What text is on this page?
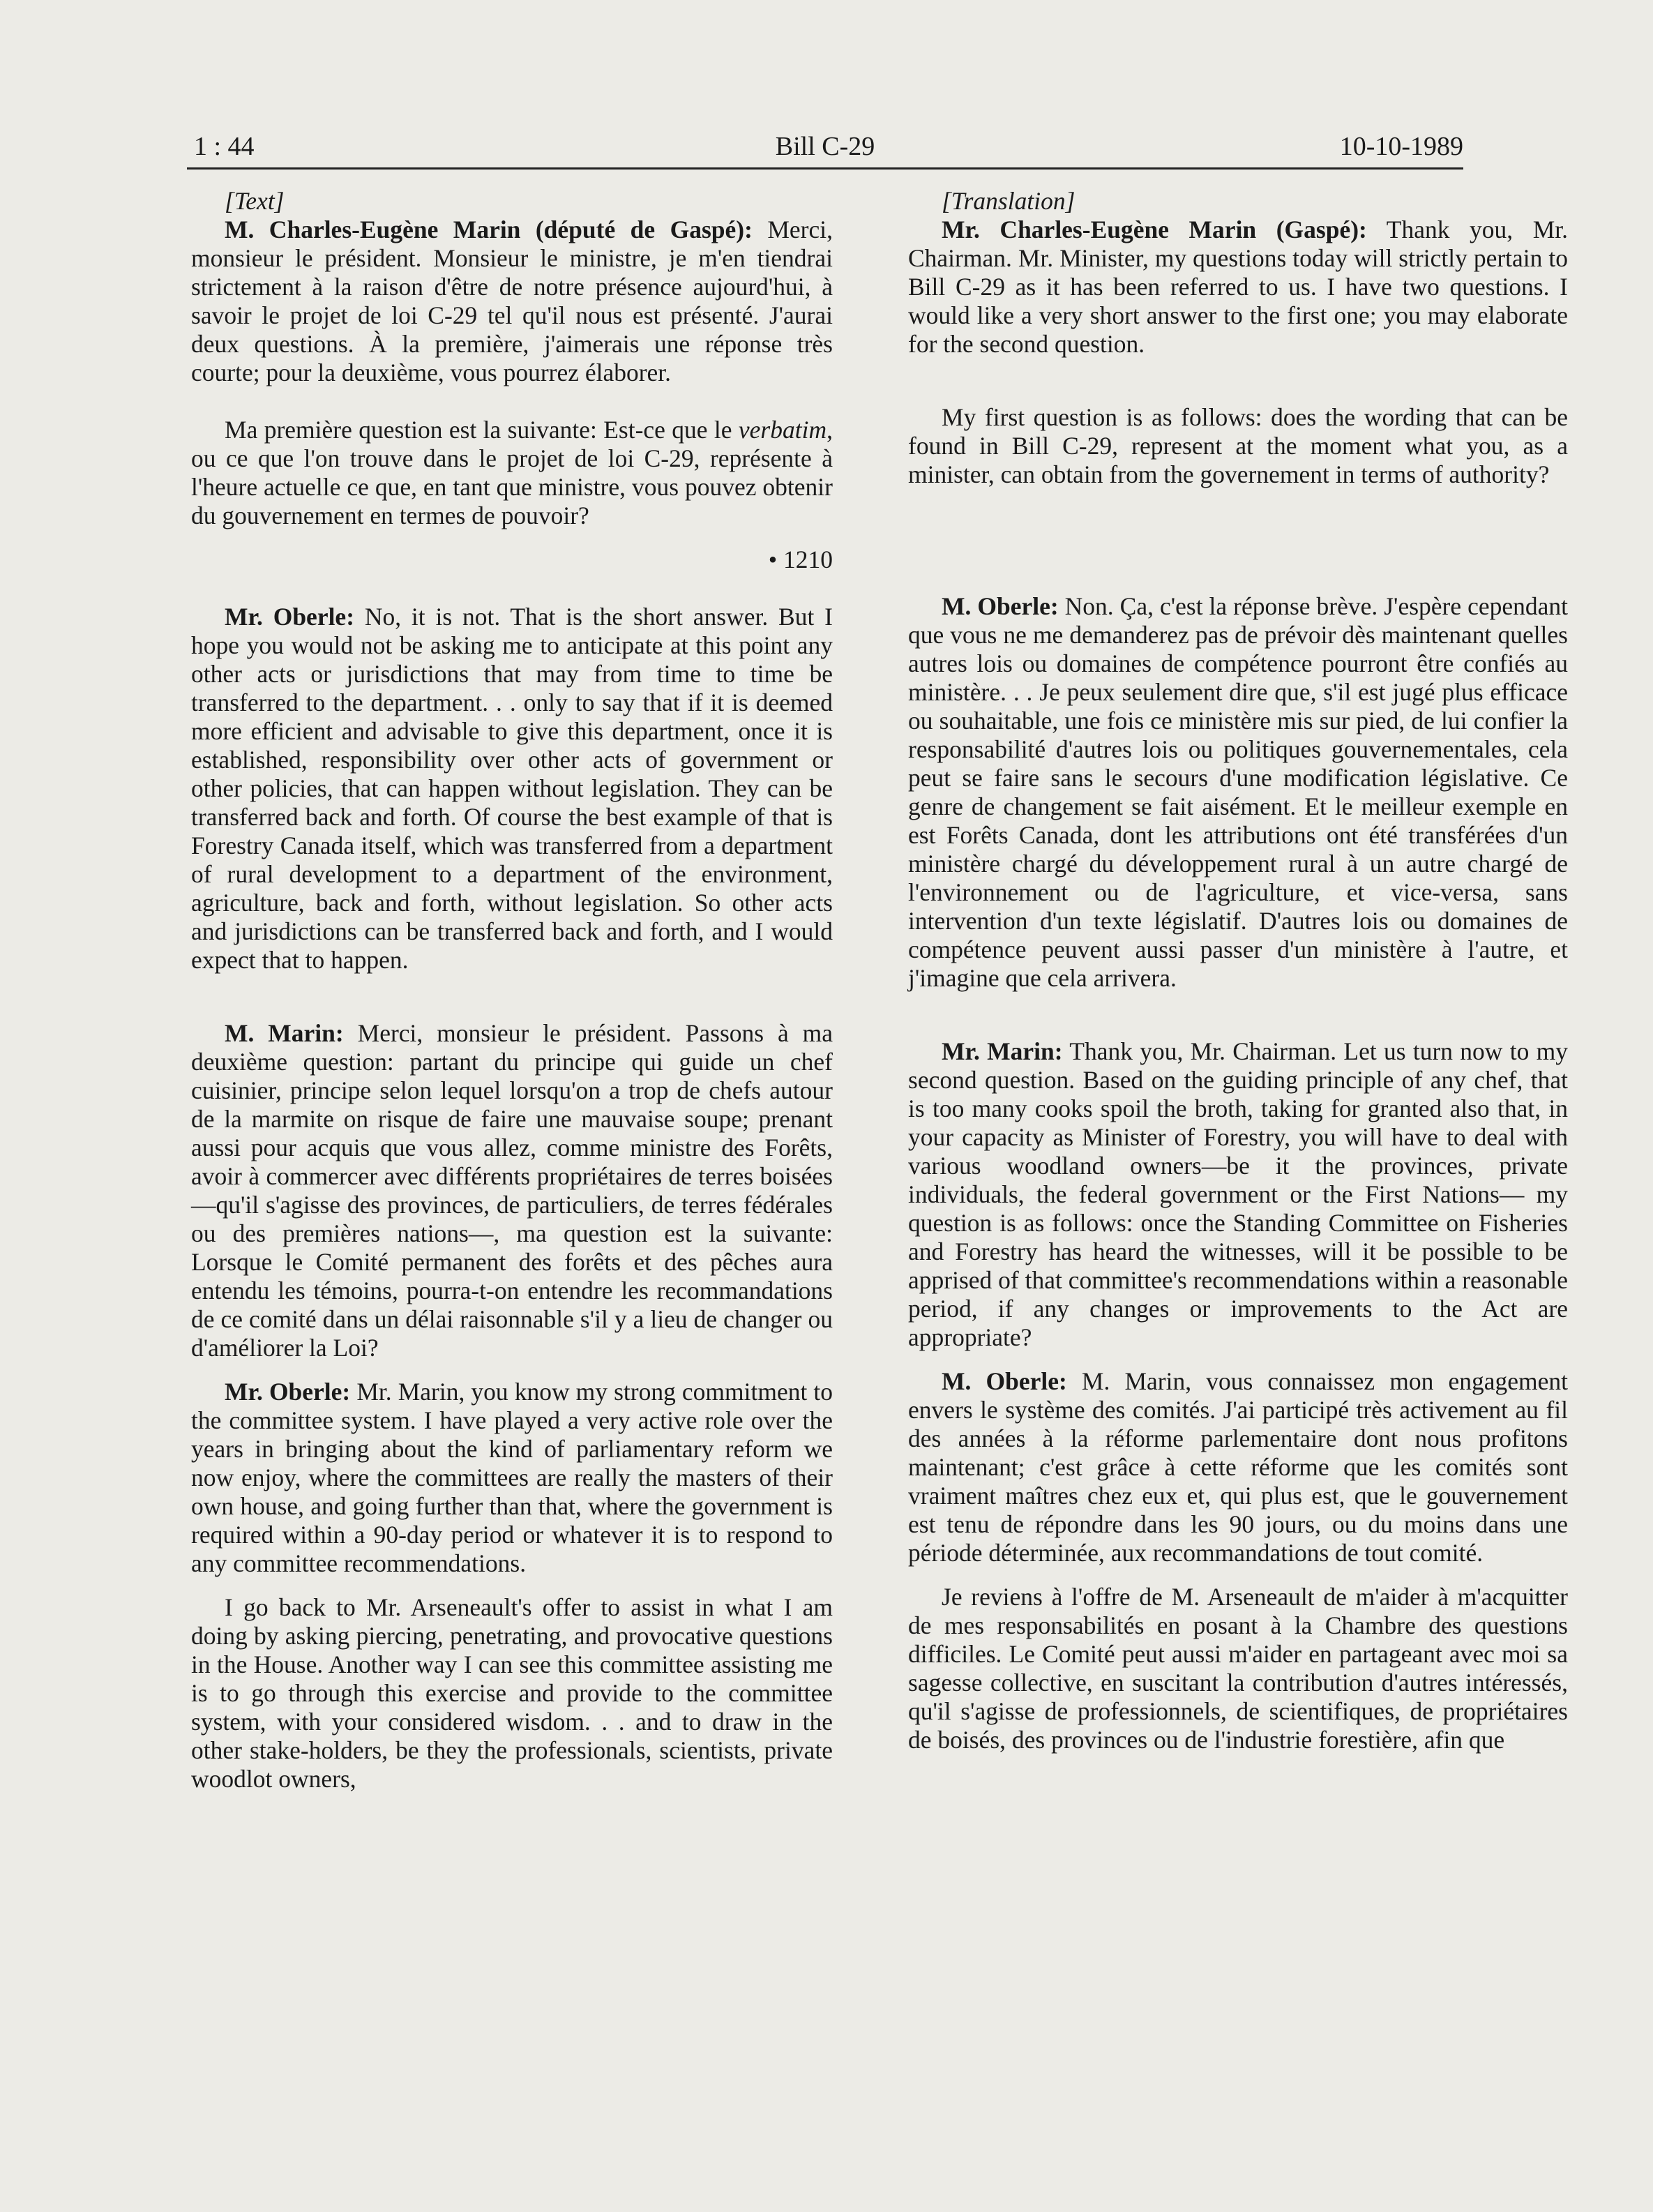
1 : 44	Bill C-29	10-10-1989

[Text]

M. Charles-Eugène Marin (député de Gaspé): Merci, monsieur le président. Monsieur le ministre, je m'en tiendrai strictement à la raison d'être de notre présence aujourd'hui, à savoir le projet de loi C-29 tel qu'il nous est présenté. J'aurai deux questions. À la première, j'aimerais une réponse très courte; pour la deuxième, vous pourrez élaborer.

Ma première question est la suivante: Est-ce que le verbatim, ou ce que l'on trouve dans le projet de loi C-29, représente à l'heure actuelle ce que, en tant que ministre, vous pouvez obtenir du gouvernement en termes de pouvoir?

• 1210

Mr. Oberle: No, it is not. That is the short answer. But I hope you would not be asking me to anticipate at this point any other acts or jurisdictions that may from time to time be transferred to the department. . . only to say that if it is deemed more efficient and advisable to give this department, once it is established, responsibility over other acts of government or other policies, that can happen without legislation. They can be transferred back and forth. Of course the best example of that is Forestry Canada itself, which was transferred from a department of rural development to a department of the environment, agriculture, back and forth, without legislation. So other acts and jurisdictions can be transferred back and forth, and I would expect that to happen.

M. Marin: Merci, monsieur le président. Passons à ma deuxième question: partant du principe qui guide un chef cuisinier, principe selon lequel lorsqu'on a trop de chefs autour de la marmite on risque de faire une mauvaise soupe; prenant aussi pour acquis que vous allez, comme ministre des Forêts, avoir à commercer avec différents propriétaires de terres boisées—qu'il s'agisse des provinces, de particuliers, de terres fédérales ou des premières nations—, ma question est la suivante: Lorsque le Comité permanent des forêts et des pêches aura entendu les témoins, pourra-t-on entendre les recommandations de ce comité dans un délai raisonnable s'il y a lieu de changer ou d'améliorer la Loi?

Mr. Oberle: Mr. Marin, you know my strong commitment to the committee system. I have played a very active role over the years in bringing about the kind of parliamentary reform we now enjoy, where the committees are really the masters of their own house, and going further than that, where the government is required within a 90-day period or whatever it is to respond to any committee recommendations.

I go back to Mr. Arseneault's offer to assist in what I am doing by asking piercing, penetrating, and provocative questions in the House. Another way I can see this committee assisting me is to go through this exercise and provide to the committee system, with your considered wisdom. . . and to draw in the other stake-holders, be they the professionals, scientists, private woodlot owners,

[Translation]

Mr. Charles-Eugène Marin (Gaspé): Thank you, Mr. Chairman. Mr. Minister, my questions today will strictly pertain to Bill C-29 as it has been referred to us. I have two questions. I would like a very short answer to the first one; you may elaborate for the second question.

My first question is as follows: does the wording that can be found in Bill C-29, represent at the moment what you, as a minister, can obtain from the governement in terms of authority?

M. Oberle: Non. Ça, c'est la réponse brève. J'espère cependant que vous ne me demanderez pas de prévoir dès maintenant quelles autres lois ou domaines de compétence pourront être confiés au ministère. . . Je peux seulement dire que, s'il est jugé plus efficace ou souhaitable, une fois ce ministère mis sur pied, de lui confier la responsabilité d'autres lois ou politiques gouvernementales, cela peut se faire sans le secours d'une modification législative. Ce genre de changement se fait aisément. Et le meilleur exemple en est Forêts Canada, dont les attributions ont été transférées d'un ministère chargé du développement rural à un autre chargé de l'environnement ou de l'agriculture, et vice-versa, sans intervention d'un texte législatif. D'autres lois ou domaines de compétence peuvent aussi passer d'un ministère à l'autre, et j'imagine que cela arrivera.

Mr. Marin: Thank you, Mr. Chairman. Let us turn now to my second question. Based on the guiding principle of any chef, that is too many cooks spoil the broth, taking for granted also that, in your capacity as Minister of Forestry, you will have to deal with various woodland owners—be it the provinces, private individuals, the federal government or the First Nations— my question is as follows: once the Standing Committee on Fisheries and Forestry has heard the witnesses, will it be possible to be apprised of that committee's recommendations within a reasonable period, if any changes or improvements to the Act are appropriate?

M. Oberle: M. Marin, vous connaissez mon engagement envers le système des comités. J'ai participé très activement au fil des années à la réforme parlementaire dont nous profitons maintenant; c'est grâce à cette réforme que les comités sont vraiment maîtres chez eux et, qui plus est, que le gouvernement est tenu de répondre dans les 90 jours, ou du moins dans une période déterminée, aux recommandations de tout comité.

Je reviens à l'offre de M. Arseneault de m'aider à m'acquitter de mes responsabilités en posant à la Chambre des questions difficiles. Le Comité peut aussi m'aider en partageant avec moi sa sagesse collective, en suscitant la contribution d'autres intéressés, qu'il s'agisse de professionnels, de scientifiques, de propriétaires de boisés, des provinces ou de l'industrie forestière, afin que
